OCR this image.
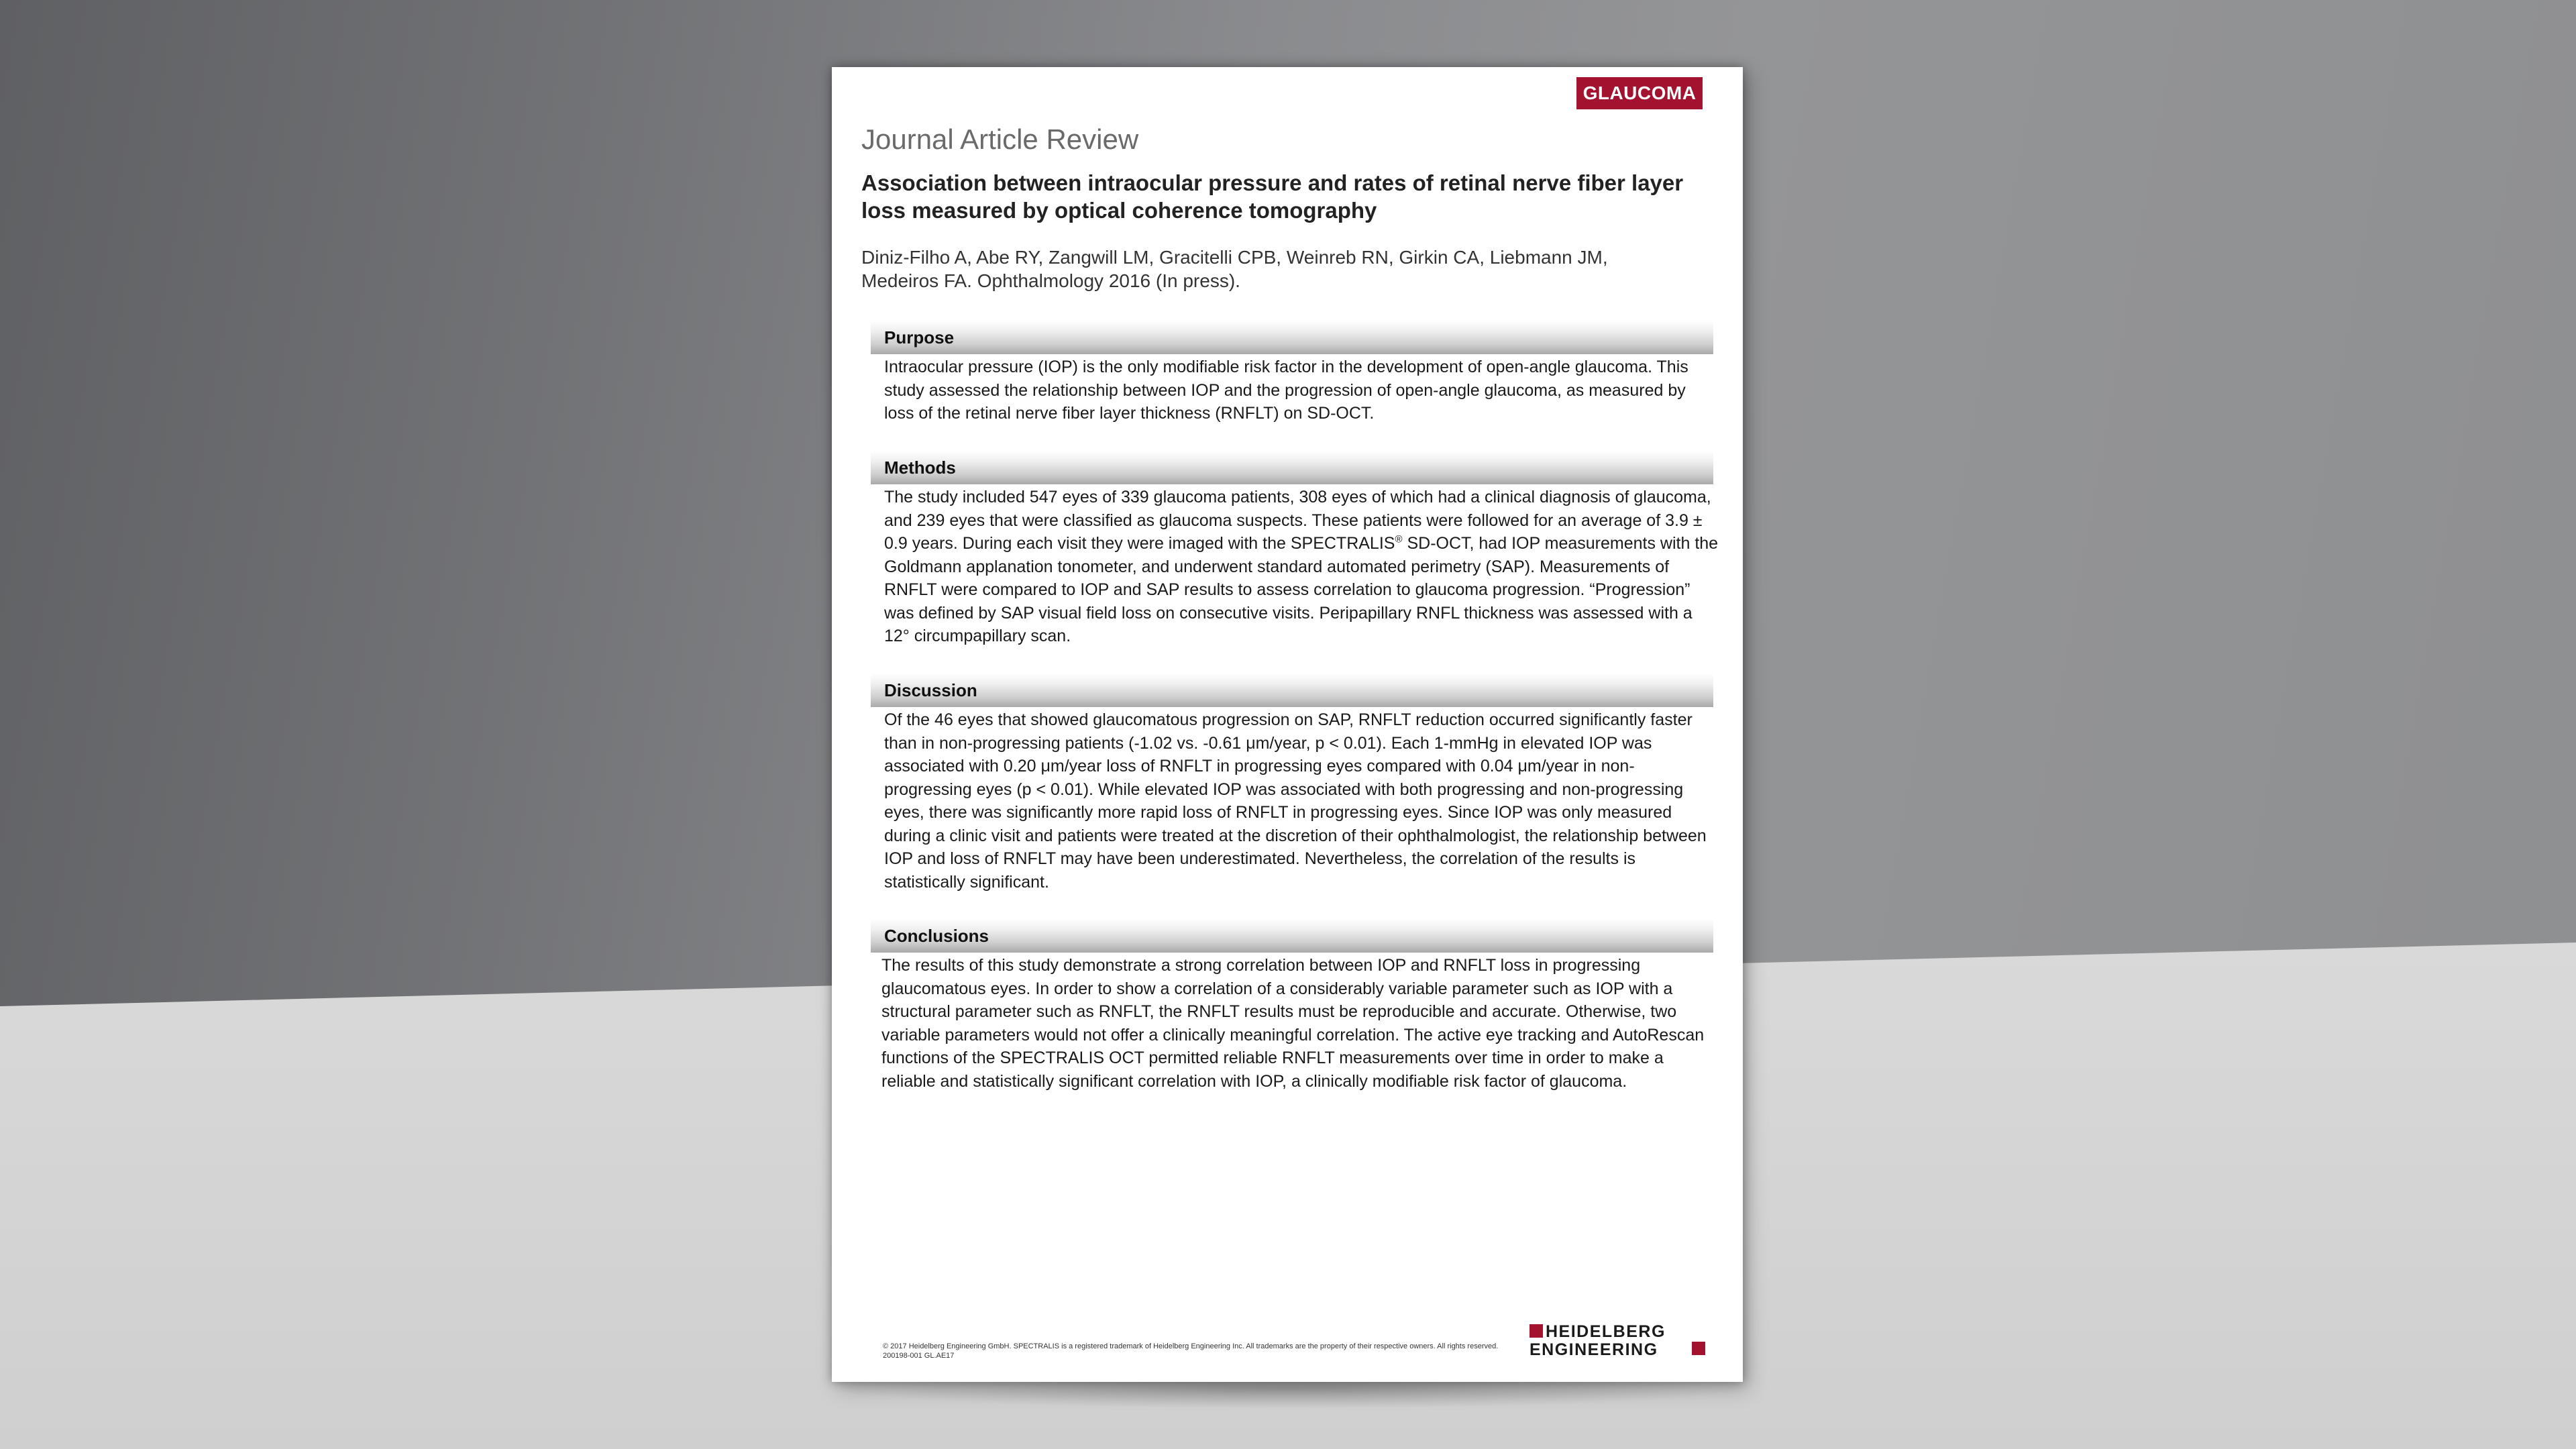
GLAUCOMA
Journal Article Review
Association between intraocular pressure and rates of retinal nerve fiber layer loss measured by optical coherence tomography
Diniz-Filho A, Abe RY, Zangwill LM, Gracitelli CPB, Weinreb RN, Girkin CA, Liebmann JM, Medeiros FA. Ophthalmology 2016 (In press).
Purpose
Intraocular pressure (IOP) is the only modifiable risk factor in the development of open-angle glaucoma. This study assessed the relationship between IOP and the progression of open-angle glaucoma, as measured by loss of the retinal nerve fiber layer thickness (RNFLT) on SD-OCT.
Methods
The study included 547 eyes of 339 glaucoma patients, 308 eyes of which had a clinical diagnosis of glaucoma, and 239 eyes that were classified as glaucoma suspects. These patients were followed for an average of 3.9 ± 0.9 years. During each visit they were imaged with the SPECTRALIS® SD-OCT, had IOP measurements with the Goldmann applanation tonometer, and underwent standard automated perimetry (SAP). Measurements of RNFLT were compared to IOP and SAP results to assess correlation to glaucoma progression. “Progression” was defined by SAP visual field loss on consecutive visits. Peripapillary RNFL thickness was assessed with a 12° circumpapillary scan.
Discussion
Of the 46 eyes that showed glaucomatous progression on SAP, RNFLT reduction occurred significantly faster than in non-progressing patients (-1.02 vs. -0.61 μm/year, p < 0.01). Each 1-mmHg in elevated IOP was associated with 0.20 μm/year loss of RNFLT in progressing eyes compared with 0.04 μm/year in non-progressing eyes (p < 0.01). While elevated IOP was associated with both progressing and non-progressing eyes, there was significantly more rapid loss of RNFLT in progressing eyes. Since IOP was only measured during a clinic visit and patients were treated at the discretion of their ophthalmologist, the relationship between IOP and loss of RNFLT may have been underestimated. Nevertheless, the correlation of the results is statistically significant.
Conclusions
The results of this study demonstrate a strong correlation between IOP and RNFLT loss in progressing glaucomatous eyes. In order to show a correlation of a considerably variable parameter such as IOP with a structural parameter such as RNFLT, the RNFLT results must be reproducible and accurate. Otherwise, two variable parameters would not offer a clinically meaningful correlation. The active eye tracking and AutoRescan functions of the SPECTRALIS OCT permitted reliable RNFLT measurements over time in order to make a reliable and statistically significant correlation with IOP, a clinically modifiable risk factor of glaucoma.
© 2017 Heidelberg Engineering GmbH. SPECTRALIS is a registered trademark of Heidelberg Engineering Inc. All trademarks are the property of their respective owners. All rights reserved.
200198-001 GL.AE17
HEIDELBERG
ENGINEERING
